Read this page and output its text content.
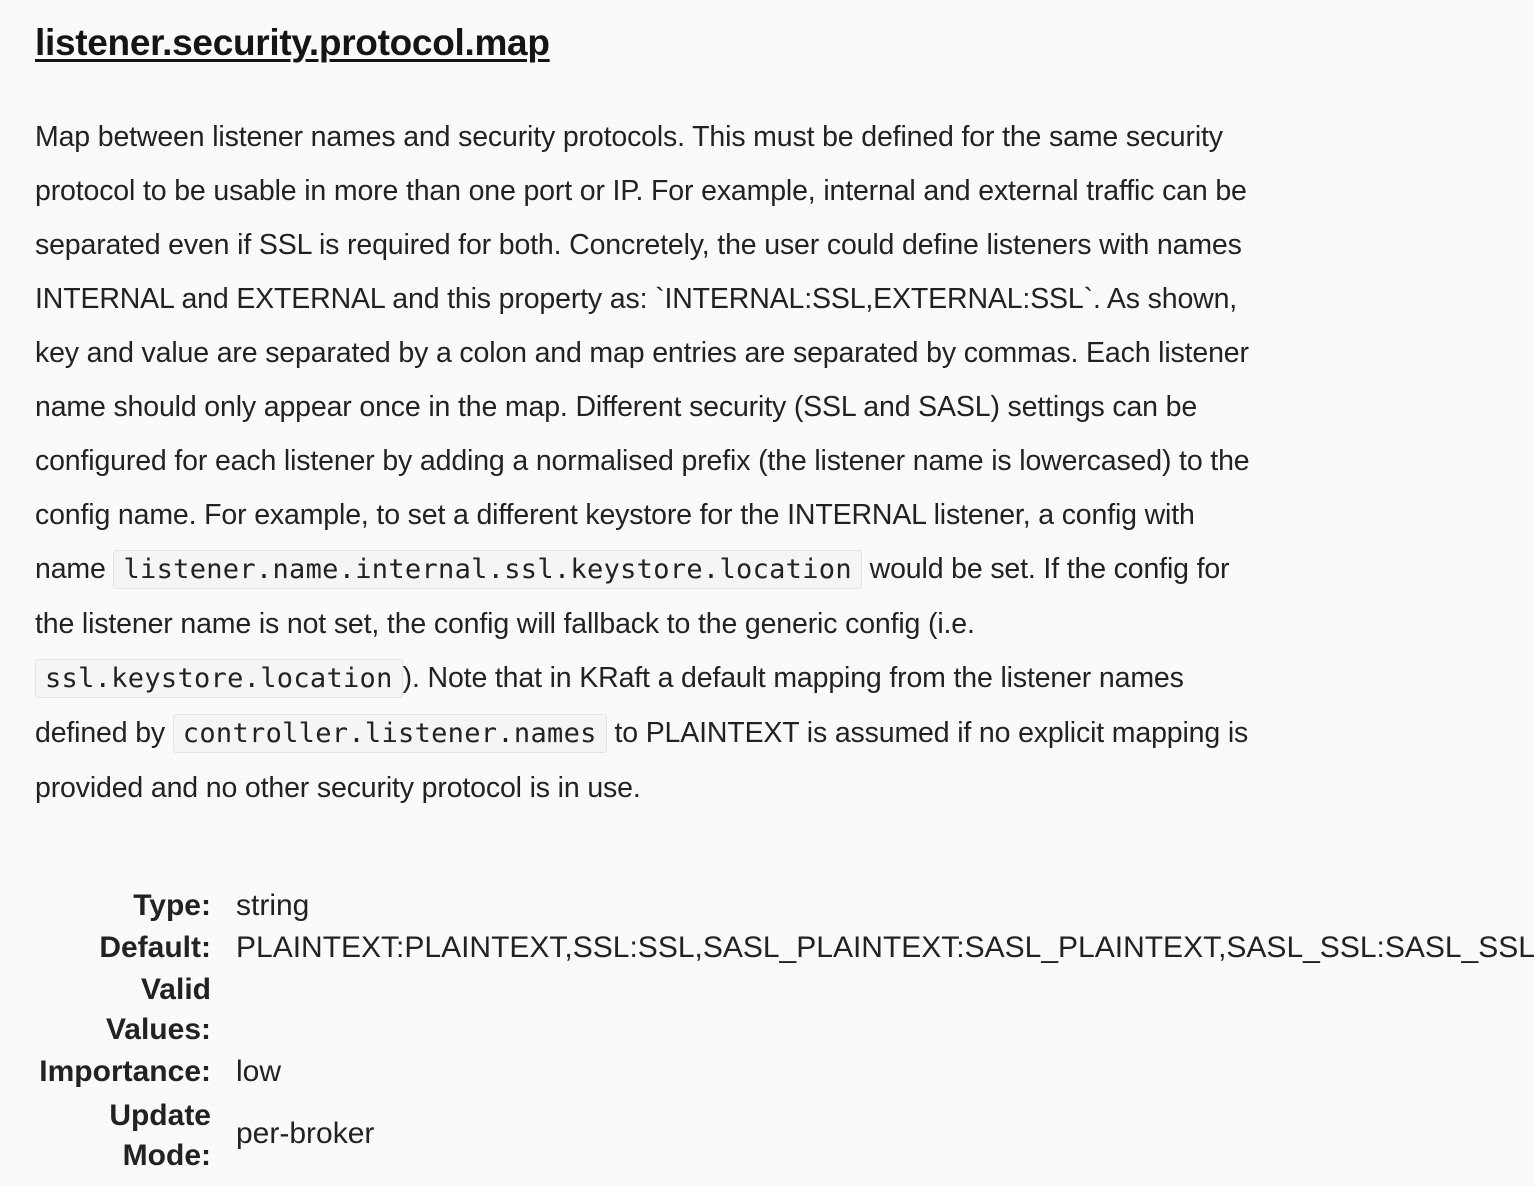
listener.security.protocol.map

Map between listener names and security protocols. This must be defined for the same security protocol to be usable in more than one port or IP. For example, internal and external traffic can be separated even if SSL is required for both. Concretely, the user could define listeners with names INTERNAL and EXTERNAL and this property as: `INTERNAL:SSL,EXTERNAL:SSL`. As shown, key and value are separated by a colon and map entries are separated by commas. Each listener name should only appear once in the map. Different security (SSL and SASL) settings can be configured for each listener by adding a normalised prefix (the listener name is lowercased) to the config name. For example, to set a different keystore for the INTERNAL listener, a config with name listener.name.internal.ssl.keystore.location would be set. If the config for the listener name is not set, the config will fallback to the generic config (i.e. ssl.keystore.location ). Note that in KRaft a default mapping from the listener names defined by controller.listener.names to PLAINTEXT is assumed if no explicit mapping is provided and no other security protocol is in use.

Type:	string
Default:	PLAINTEXT:PLAINTEXT,SSL:SSL,SASL_PLAINTEXT:SASL_PLAINTEXT,SASL_SSL:SASL_SSL
Valid Values:	
Importance:	low
Update Mode:	per-broker
